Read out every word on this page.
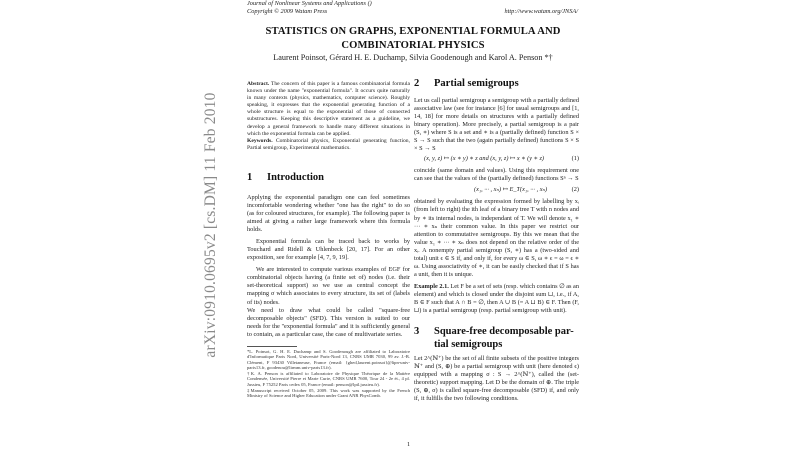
arXiv:0910.0695v2 [cs.DM] 11 Feb 2010
Journal of Nonlinear Systems and Applications ()
Copyright © 2009 Watam Press	http://www.watam.org/JNSA/
STATISTICS ON GRAPHS, EXPONENTIAL FORMULA AND
COMBINATORIAL PHYSICS
Laurent Poinsot, Gérard H. E. Duchamp, Silvia Goodenough and Karol A. Penson *†

Abstract. The concern of this paper is a famous combinatorial formula known under the name "exponential formula". It occurs quite naturally in many contexts (physics, mathematics, computer science). Roughly speaking, it expresses that the exponential generating function of a whole structure is equal to the exponential of those of connected substructures. Keeping this descriptive statement as a guideline, we develop a general framework to handle many different situations in which the exponential formula can be applied.
Keywords. Combinatorial physics, Exponential generating function, Partial semigroup, Experimental mathematics.

1 Introduction

Applying the exponential paradigm one can feel sometimes incomfortable wondering whether "one has the right" to do so (as for coloured structures, for example). The following paper is aimed at giving a rather large framework where this formula holds.

Exponential formula can be traced back to works by Touchard and Ridell & Uhlenbeck [20, 17]. For an other exposition, see for example [4, 7, 9, 19].

We are interested to compute various examples of EGF for combinatorial objects having (a finite set of) nodes (i.e. their set-theoretical support) so we use as central concept the mapping σ which associates to every structure, its set of (labels of its) nodes.

We need to draw what could be called "square-free decomposable objects" (SFD). This version is suited to our needs for the "exponential formula" and it is sufficiently general to contain, as a particular case, the case of multivariate series.

*L. Poinsot, G. H. E. Duchamp and S. Goodenough are affiliated to Laboratoire d'Informatique Paris Nord, Université Paris-Nord 13, CNRS UMR 7030, 99 av. J.-B. Clément, F 93430 Villetaneuse, France (email: {ghed,laurent.poinsot}@lipn-univ-paris13.fr, goodenou@lirmm.univ-paris13.fr).

†K. A. Penson is affiliated to Laboratoire de Physique Théorique de la Matière Condensée, Université Pierre et Marie Curie, CNRS UMR 7600, Tour 24 - 2e ét., 4 pl. Jussieu, F 75252 Paris cedex 05, France (email: penson@lptl.jussieu.fr).

‡Manuscript received October 05, 2009. This work was supported by the French Ministry of Science and Higher Education under Grant ANR PhysComb.

2 Partial semigroups

Let us call partial semigroup a semigroup with a partially defined associative law (see for instance [6] for usual semigroups and [1, 14, 18] for more details on structures with a partially defined binary operation). More precisely, a partial semigroup is a pair (S, ∗) where S is a set and ∗ is a (partially defined) function S × S → S such that the two (again partially defined) functions S × S × S → S

(x, y, z) ↦ (x ∗ y) ∗ z and (x, y, z) ↦ x ∗ (y ∗ z)	(1)

coincide (same domain and values). Using this requirement one can see that the values of the (partially defined) functions Sⁿ → S

(x₁, ··· , xₙ) ↦ E_T(x₁, ··· , xₙ)	(2)

obtained by evaluating the expression formed by labelling by xᵢ (from left to right) the ith leaf of a binary tree T with n nodes and by ∗ its internal nodes, is independant of T. We will denote x₁ ∗ ··· ∗ xₙ their common value. In this paper we restrict our attention to commutative semigroups. By this we mean that the value x₁ ∗ ··· ∗ xₙ does not depend on the relative order of the xᵢ. A nonempty partial semigroup (S, ∗) has a (two-sided and total) unit ϵ ∈ S if, and only if, for every ω ∈ S, ω ∗ ϵ = ω = ϵ ∗ ω. Using associativity of ∗, it can be easily checked that if S has a unit, then it is unique.

Example 2.1. Let F be a set of sets (resp. which contains ∅ as an element) and which is closed under the disjoint sum ⊔, i.e., if A, B ∈ F such that A ∩ B = ∅, then A ∪ B (= A ⊔ B) ∈ F. Then (F, ⊔) is a partial semigroup (resp. partial semigroup with unit).

3 Square-free decomposable par-
tial semigroups

Let 2^(ℕ⁺) be the set of all finite subsets of the positive integers ℕ⁺ and (S, ⊕) be a partial semigroup with unit (here denoted ϵ) equipped with a mapping σ : S → 2^(ℕ⁺), called the (set-theoretic) support mapping. Let D be the domain of ⊕. The triple (S, ⊕, σ) is called square-free decomposable (SFD) if, and only if, it fulfills the two following conditions.

1
